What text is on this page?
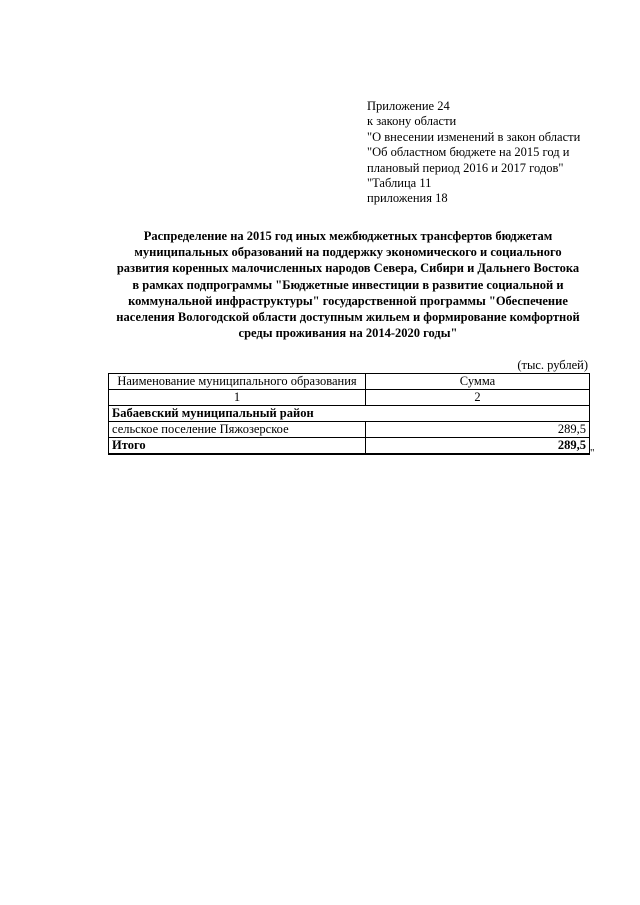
Приложение 24
к закону области
"О внесении изменений в закон области
"Об областном бюджете на 2015 год и
плановый период 2016 и 2017 годов"
"Таблица 11
приложения 18
Распределение на 2015 год иных межбюджетных трансфертов бюджетам
муниципальных образований на поддержку экономического и социального
развития коренных малочисленных народов Севера, Сибири и Дальнего Востока
в рамках подпрограммы "Бюджетные инвестиции в развитие социальной и
коммунальной инфраструктуры" государственной программы "Обеспечение
населения Вологодской области доступным жильем и формирование комфортной
среды проживания на 2014-2020 годы"
(тыс. рублей)
Наименование муниципального образования	Сумма
1	2
Бабаевский муниципальный район	
сельское поселение Пяжозерское	289,5
Итого	289,5
"
